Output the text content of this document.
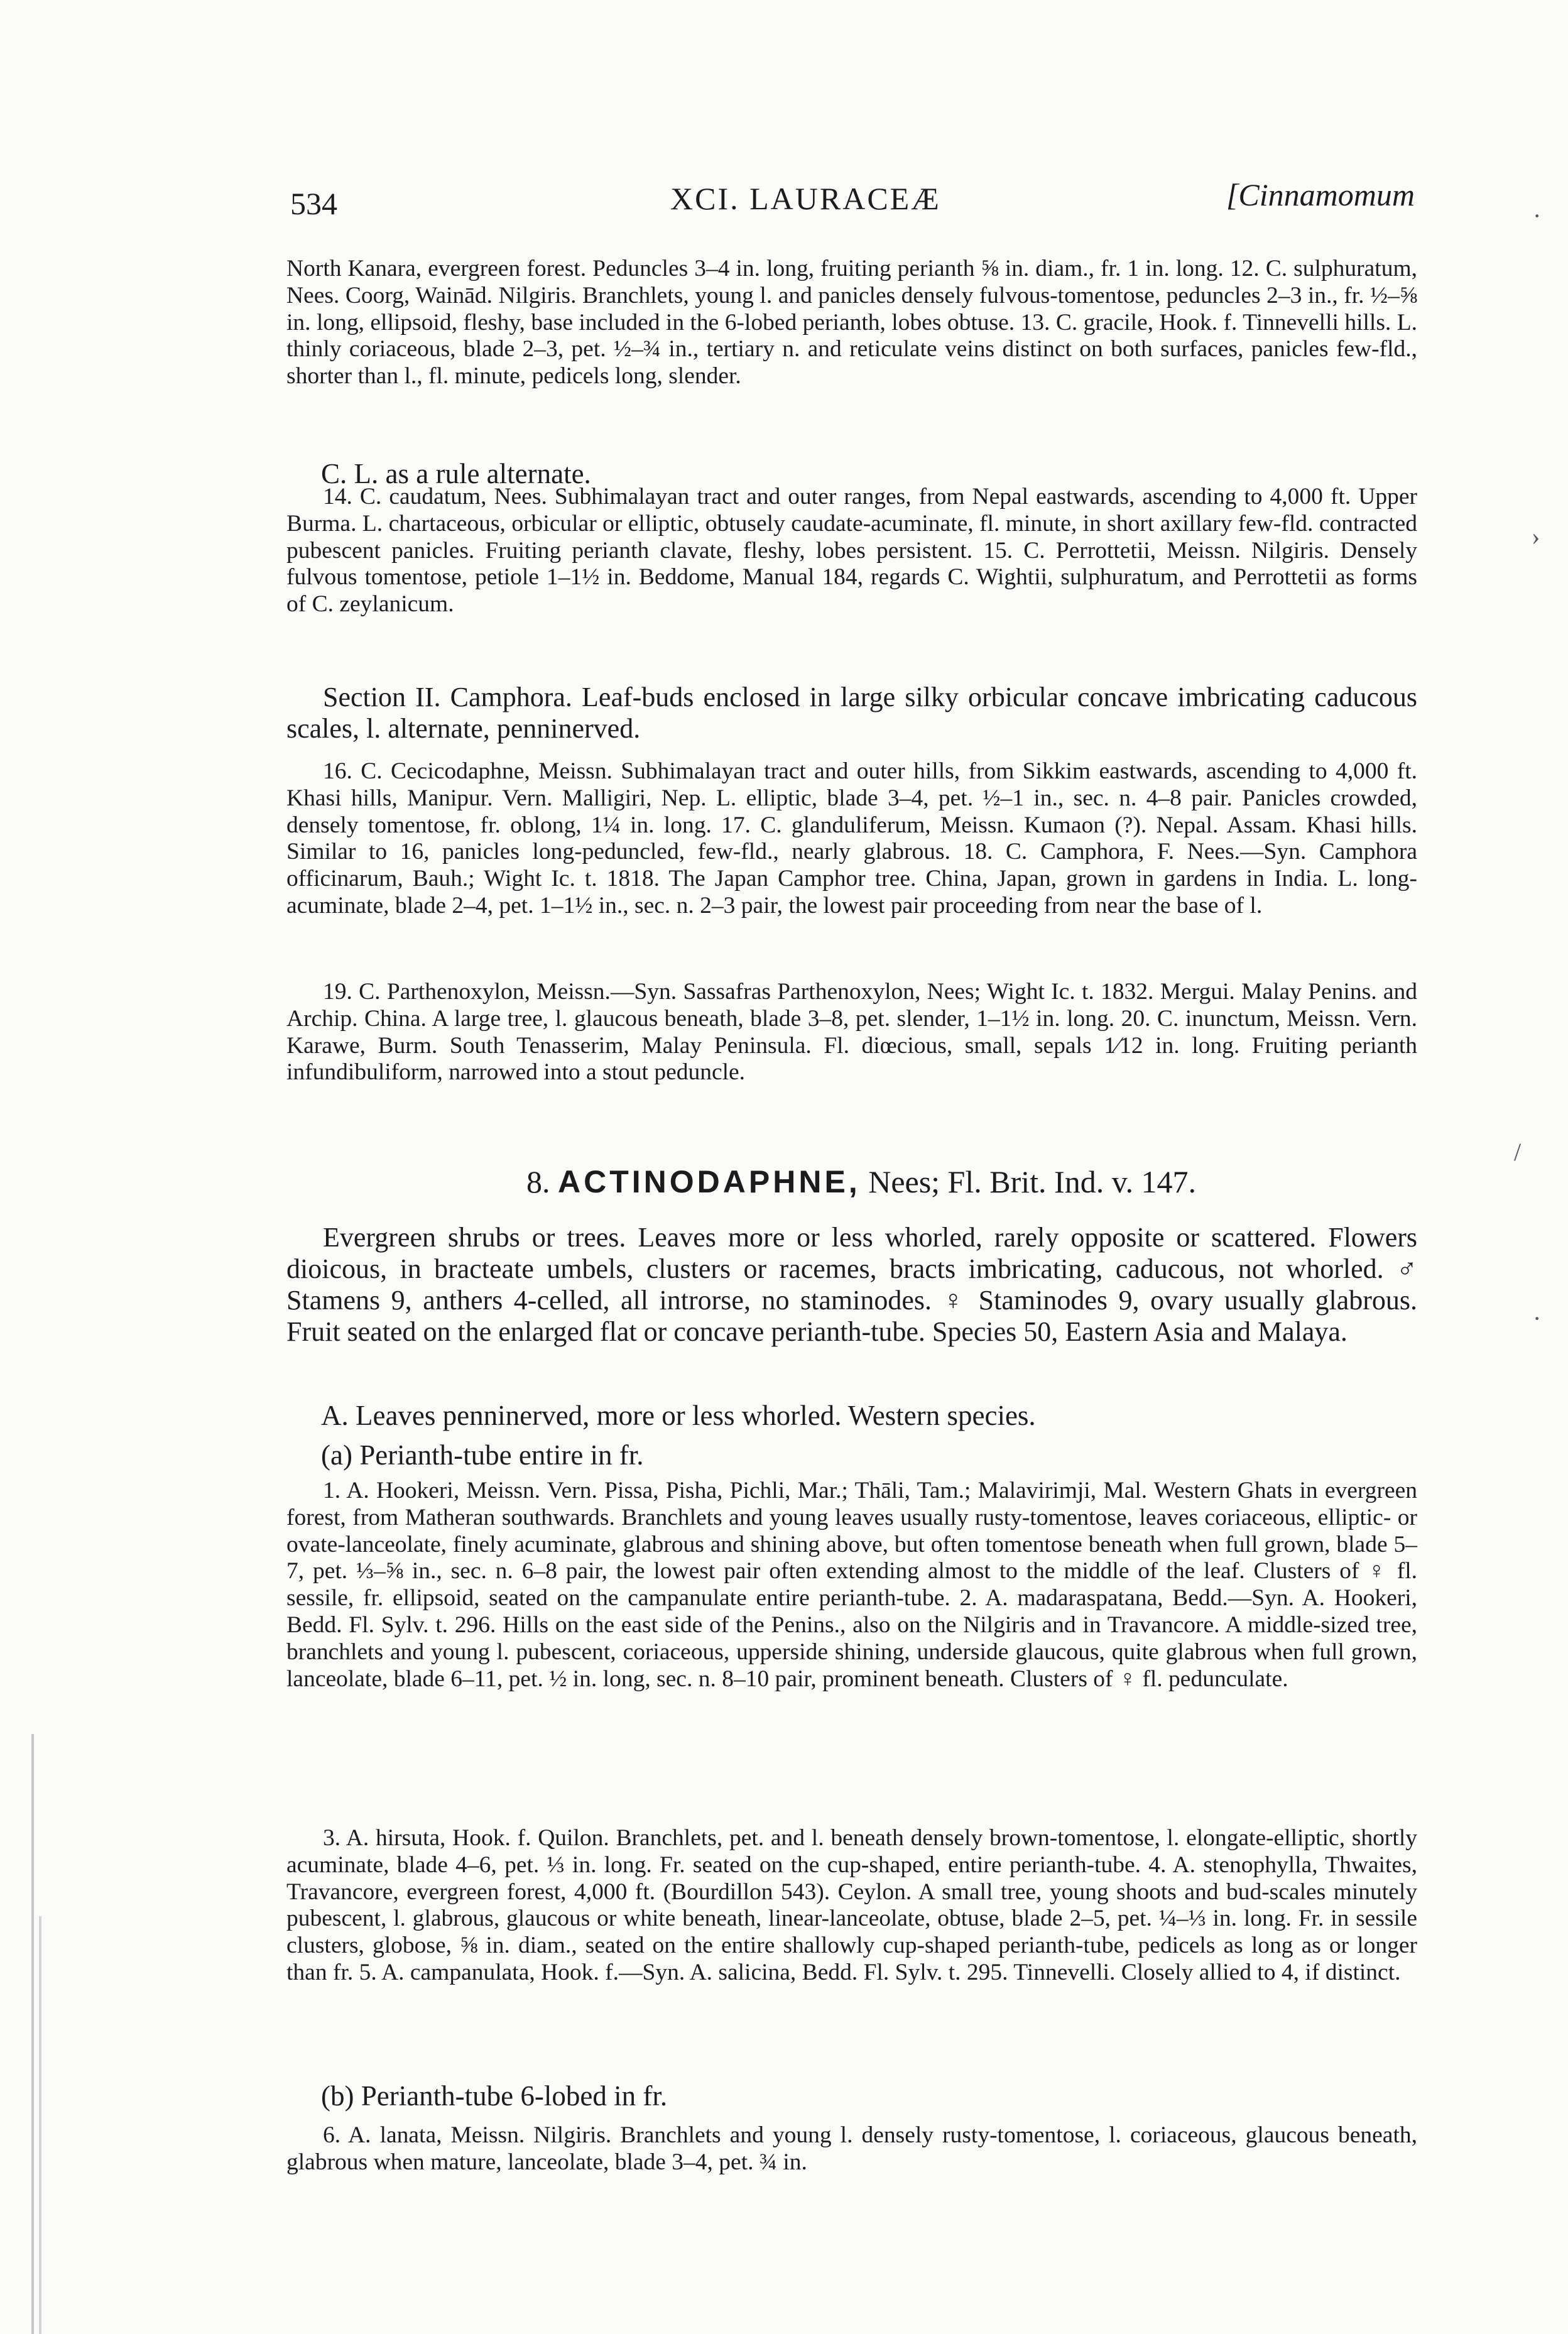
·
›
/
·
534	XCI. LAURACEÆ	[Cinnamomum

North Kanara, evergreen forest. Peduncles 3–4 in. long, fruiting perianth ⅝ in. diam., fr. 1 in. long. 12. C. sulphuratum, Nees. Coorg, Wainād. Nilgiris. Branchlets, young l. and panicles densely fulvous-tomentose, peduncles 2–3 in., fr. ½–⅝ in. long, ellipsoid, fleshy, base included in the 6-lobed perianth, lobes obtuse. 13. C. gracile, Hook. f. Tinnevelli hills. L. thinly coriaceous, blade 2–3, pet. ½–¾ in., tertiary n. and reticulate veins distinct on both surfaces, panicles few-fld., shorter than l., fl. minute, pedicels long, slender.

C. L. as a rule alternate.

14. C. caudatum, Nees. Subhimalayan tract and outer ranges, from Nepal eastwards, ascending to 4,000 ft. Upper Burma. L. chartaceous, orbicular or elliptic, obtusely caudate-acuminate, fl. minute, in short axillary few-fld. contracted pubescent panicles. Fruiting perianth clavate, fleshy, lobes persistent. 15. C. Perrottetii, Meissn. Nilgiris. Densely fulvous tomentose, petiole 1–1½ in. Beddome, Manual 184, regards C. Wightii, sulphuratum, and Perrottetii as forms of C. zeylanicum.

Section II. Camphora. Leaf-buds enclosed in large silky orbicular concave imbricating caducous scales, l. alternate, penninerved.

16. C. Cecicodaphne, Meissn. Subhimalayan tract and outer hills, from Sikkim eastwards, ascending to 4,000 ft. Khasi hills, Manipur. Vern. Malligiri, Nep. L. elliptic, blade 3–4, pet. ½–1 in., sec. n. 4–8 pair. Panicles crowded, densely tomentose, fr. oblong, 1¼ in. long. 17. C. glanduliferum, Meissn. Kumaon (?). Nepal. Assam. Khasi hills. Similar to 16, panicles long-peduncled, few-fld., nearly glabrous. 18. C. Camphora, F. Nees.—Syn. Camphora officinarum, Bauh.; Wight Ic. t. 1818. The Japan Camphor tree. China, Japan, grown in gardens in India. L. long-acuminate, blade 2–4, pet. 1–1½ in., sec. n. 2–3 pair, the lowest pair proceeding from near the base of l.

19. C. Parthenoxylon, Meissn.—Syn. Sassafras Parthenoxylon, Nees; Wight Ic. t. 1832. Mergui. Malay Penins. and Archip. China. A large tree, l. glaucous beneath, blade 3–8, pet. slender, 1–1½ in. long. 20. C. inunctum, Meissn. Vern. Karawe, Burm. South Tenasserim, Malay Peninsula. Fl. diœcious, small, sepals 1⁄12 in. long. Fruiting perianth infundibuliform, narrowed into a stout peduncle.

8. ACTINODAPHNE, Nees; Fl. Brit. Ind. v. 147.

Evergreen shrubs or trees. Leaves more or less whorled, rarely opposite or scattered. Flowers dioicous, in bracteate umbels, clusters or racemes, bracts imbricating, caducous, not whorled. ♂ Stamens 9, anthers 4-celled, all introrse, no staminodes. ♀ Staminodes 9, ovary usually glabrous. Fruit seated on the enlarged flat or concave perianth-tube. Species 50, Eastern Asia and Malaya.

A. Leaves penninerved, more or less whorled. Western species.

(a) Perianth-tube entire in fr.

1. A. Hookeri, Meissn. Vern. Pissa, Pisha, Pichli, Mar.; Thāli, Tam.; Malavirimji, Mal. Western Ghats in evergreen forest, from Matheran southwards. Branchlets and young leaves usually rusty-tomentose, leaves coriaceous, elliptic- or ovate-lanceolate, finely acuminate, glabrous and shining above, but often tomentose beneath when full grown, blade 5–7, pet. ⅓–⅝ in., sec. n. 6–8 pair, the lowest pair often extending almost to the middle of the leaf. Clusters of ♀ fl. sessile, fr. ellipsoid, seated on the campanulate entire perianth-tube. 2. A. madaraspatana, Bedd.—Syn. A. Hookeri, Bedd. Fl. Sylv. t. 296. Hills on the east side of the Penins., also on the Nilgiris and in Travancore. A middle-sized tree, branchlets and young l. pubescent, coriaceous, upperside shining, underside glaucous, quite glabrous when full grown, lanceolate, blade 6–11, pet. ½ in. long, sec. n. 8–10 pair, prominent beneath. Clusters of ♀ fl. pedunculate.

3. A. hirsuta, Hook. f. Quilon. Branchlets, pet. and l. beneath densely brown-tomentose, l. elongate-elliptic, shortly acuminate, blade 4–6, pet. ⅓ in. long. Fr. seated on the cup-shaped, entire perianth-tube. 4. A. stenophylla, Thwaites, Travancore, evergreen forest, 4,000 ft. (Bourdillon 543). Ceylon. A small tree, young shoots and bud-scales minutely pubescent, l. glabrous, glaucous or white beneath, linear-lanceolate, obtuse, blade 2–5, pet. ¼–⅓ in. long. Fr. in sessile clusters, globose, ⅝ in. diam., seated on the entire shallowly cup-shaped perianth-tube, pedicels as long as or longer than fr. 5. A. campanulata, Hook. f.—Syn. A. salicina, Bedd. Fl. Sylv. t. 295. Tinnevelli. Closely allied to 4, if distinct.

(b) Perianth-tube 6-lobed in fr.

6. A. lanata, Meissn. Nilgiris. Branchlets and young l. densely rusty-tomentose, l. coriaceous, glaucous beneath, glabrous when mature, lanceolate, blade 3–4, pet. ¾ in.
